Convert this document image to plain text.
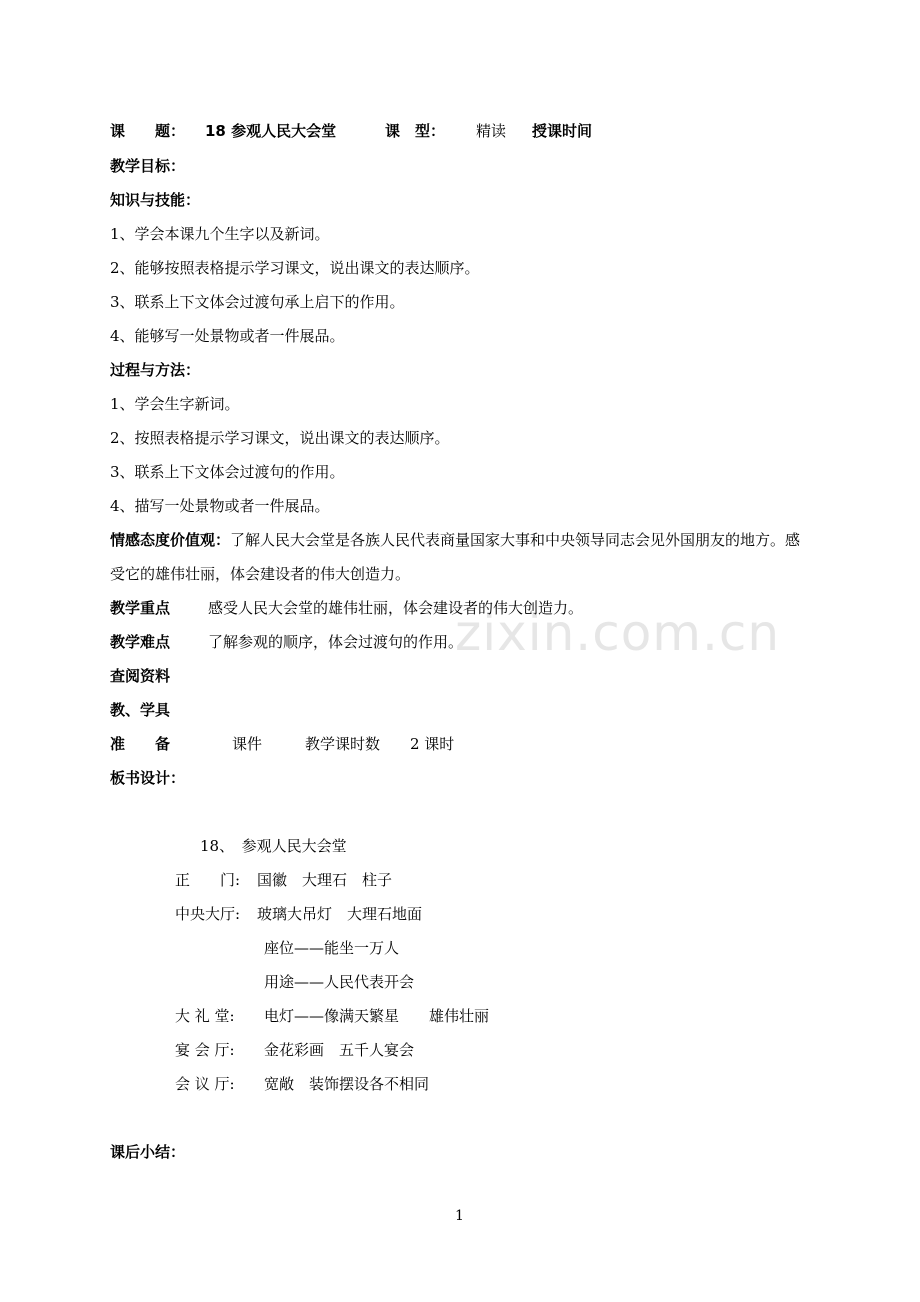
zixin.com.cn
课　　题： 18 参观人民大会堂	课　型： 精读 授课时间
教学目标：
知识与技能：
1、学会本课九个生字以及新词。
2、能够按照表格提示学习课文，说出课文的表达顺序。
3、联系上下文体会过渡句承上启下的作用。
4、能够写一处景物或者一件展品。
过程与方法：
1、学会生字新词。
2、按照表格提示学习课文，说出课文的表达顺序。
3、联系上下文体会过渡句的作用。
4、描写一处景物或者一件展品。
情感态度价值观：了解人民大会堂是各族人民代表商量国家大事和中央领导同志会见外国朋友的地方。感受它的雄伟壮丽，体会建设者的伟大创造力。
教学重点	感受人民大会堂的雄伟壮丽，体会建设者的伟大创造力。
教学难点	了解参观的顺序，体会过渡句的作用。
查阅资料
教、学具
准　　备	课件	教学课时数 2 课时
板书设计：
18、　参观人民大会堂
正　　门: 国徽　大理石　柱子
中央大厅: 玻璃大吊灯　大理石地面
座位——能坐一万人
用途——人民代表开会
大 礼 堂: 电灯——像满天繁星　　雄伟壮丽
宴 会 厅: 金花彩画　五千人宴会
会 议 厅: 宽敞　装饰摆设各不相同
课后小结：
1
